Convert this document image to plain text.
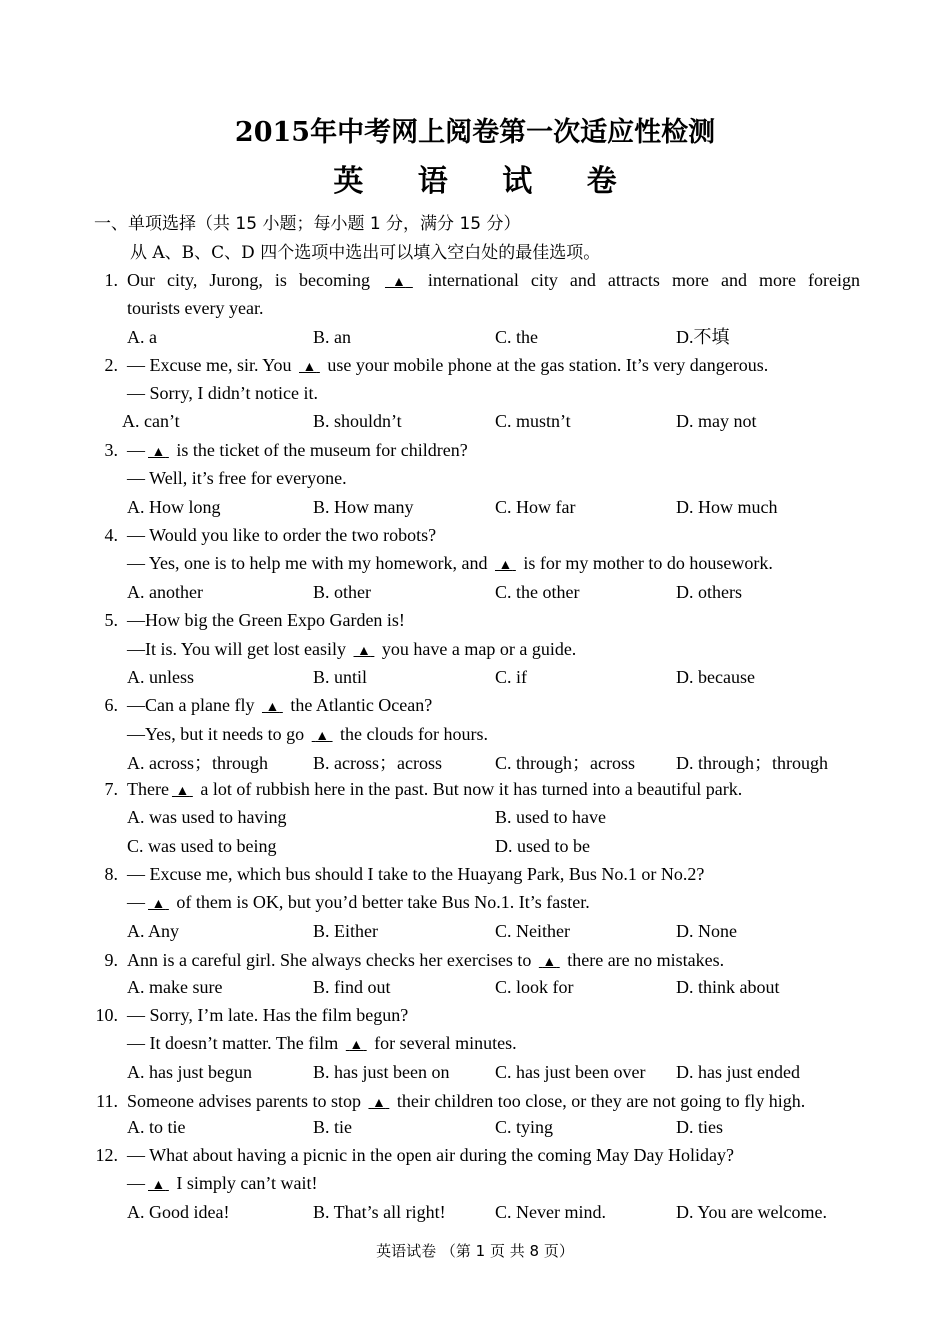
2015年中考网上阅卷第一次适应性检测
英 语 试 卷
一、单项选择（共 15 小题；每小题 1 分，满分 15 分）
从 A、B、C、D 四个选项中选出可以填入空白处的最佳选项。
1. Our city, Jurong, is becoming   ▲   international city and attracts more and more foreign
tourists every year.
A. a	B. an	C. the	D.不填
2. — Excuse me, sir. You  ▲  use your mobile phone at the gas station. It’s very dangerous.
— Sorry, I didn’t notice it.
A. can’t	B. shouldn’t	C. mustn’t	D. may not
3. — ▲  is the ticket of the museum for children?
— Well, it’s free for everyone.
A. How long	B. How many	C. How far	D. How much
4. — Would you like to order the two robots?
— Yes, one is to help me with my homework, and  ▲  is for my mother to do housework.
A. another	B. other	C. the other	D. others
5. —How big the Green Expo Garden is!
—It is. You will get lost easily  ▲  you have a map or a guide.
A. unless	B. until	C. if	D. because
6. —Can a plane fly  ▲  the Atlantic Ocean?
—Yes, but it needs to go  ▲  the clouds for hours.
A. across；through	B. across；across	C. through；across D. through；through
7. There ▲  a lot of rubbish here in the past. But now it has turned into a beautiful park.
A. was used to having	B. used to have
C. was used to being	D. used to be
8. — Excuse me, which bus should I take to the Huayang Park, Bus No.1 or No.2?
— ▲  of them is OK, but you’d better take Bus No.1. It’s faster.
A. Any	B. Either	C. Neither	D. None
9. Ann is a careful girl. She always checks her exercises to  ▲  there are no mistakes.
A. make sure	B. find out	C. look for	D. think about
10. — Sorry, I’m late. Has the film begun?
— It doesn’t matter. The film  ▲  for several minutes.
A. has just begun	B. has just been on	C. has just been over D. has just ended
11. Someone advises parents to stop  ▲  their children too close, or they are not going to fly high.
A. to tie	B. tie	C. tying	D. ties
12. — What about having a picnic in the open air during the coming May Day Holiday?
— ▲  I simply can’t wait!
A. Good idea!	B. That’s all right!	C. Never mind.	D. You are welcome.
英语试卷 （第 1 页 共 8 页）
